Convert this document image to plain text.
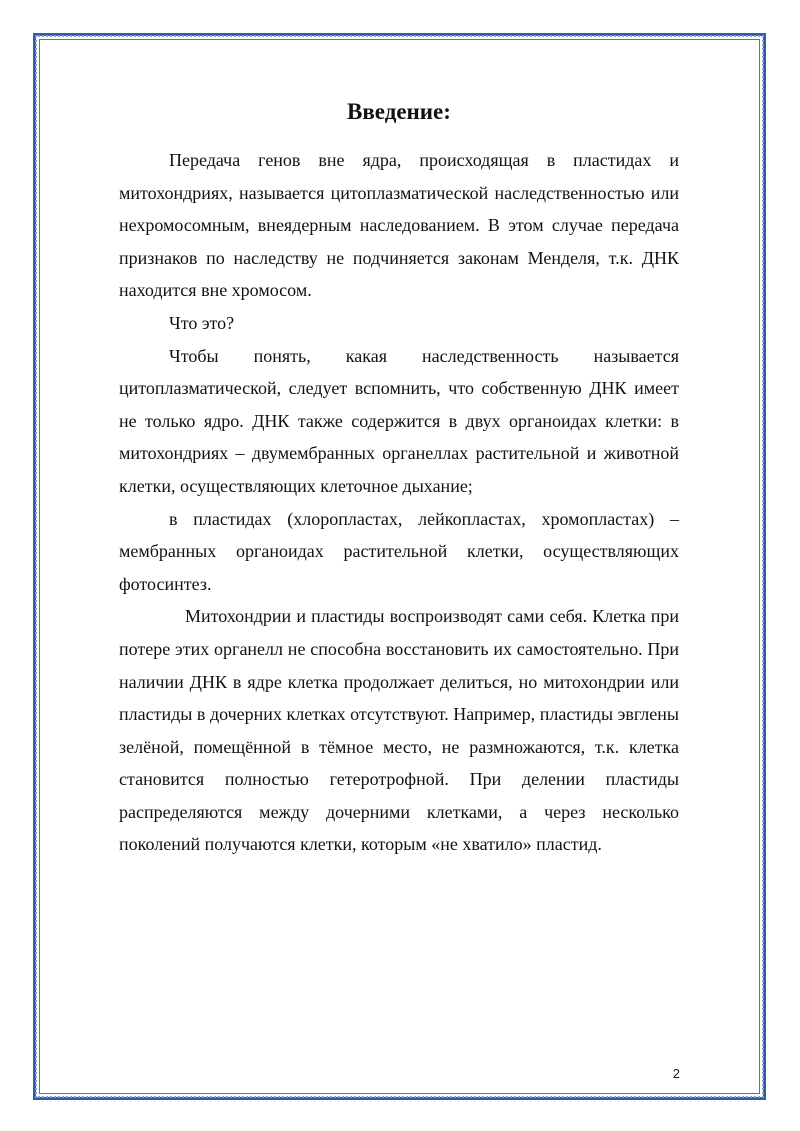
Введение:

Передача генов вне ядра, происходящая в пластидах и митохондриях, называется цитоплазматической наследственностью или нехромосомным, внеядерным наследованием. В этом случае передача признаков по наследству не подчиняется законам Менделя, т.к. ДНК находится вне хромосом.

Что это?

Чтобы понять, какая наследственность называется цитоплазматической, следует вспомнить, что собственную ДНК имеет не только ядро. ДНК также содержится в двух органоидах клетки: в митохондриях – двумембранных органеллах растительной и животной клетки, осуществляющих клеточное дыхание;

в пластидах (хлоропластах, лейкопластах, хромопластах) – мембранных органоидах растительной клетки, осуществляющих фотосинтез.

Митохондрии и пластиды воспроизводят сами себя. Клетка при потере этих органелл не способна восстановить их самостоятельно. При наличии ДНК в ядре клетка продолжает делиться, но митохондрии или пластиды в дочерних клетках отсутствуют. Например, пластиды эвглены зелёной, помещённой в тёмное место, не размножаются, т.к. клетка становится полностью гетеротрофной. При делении пластиды распределяются между дочерними клетками, а через несколько поколений получаются клетки, которым «не хватило» пластид.

2
